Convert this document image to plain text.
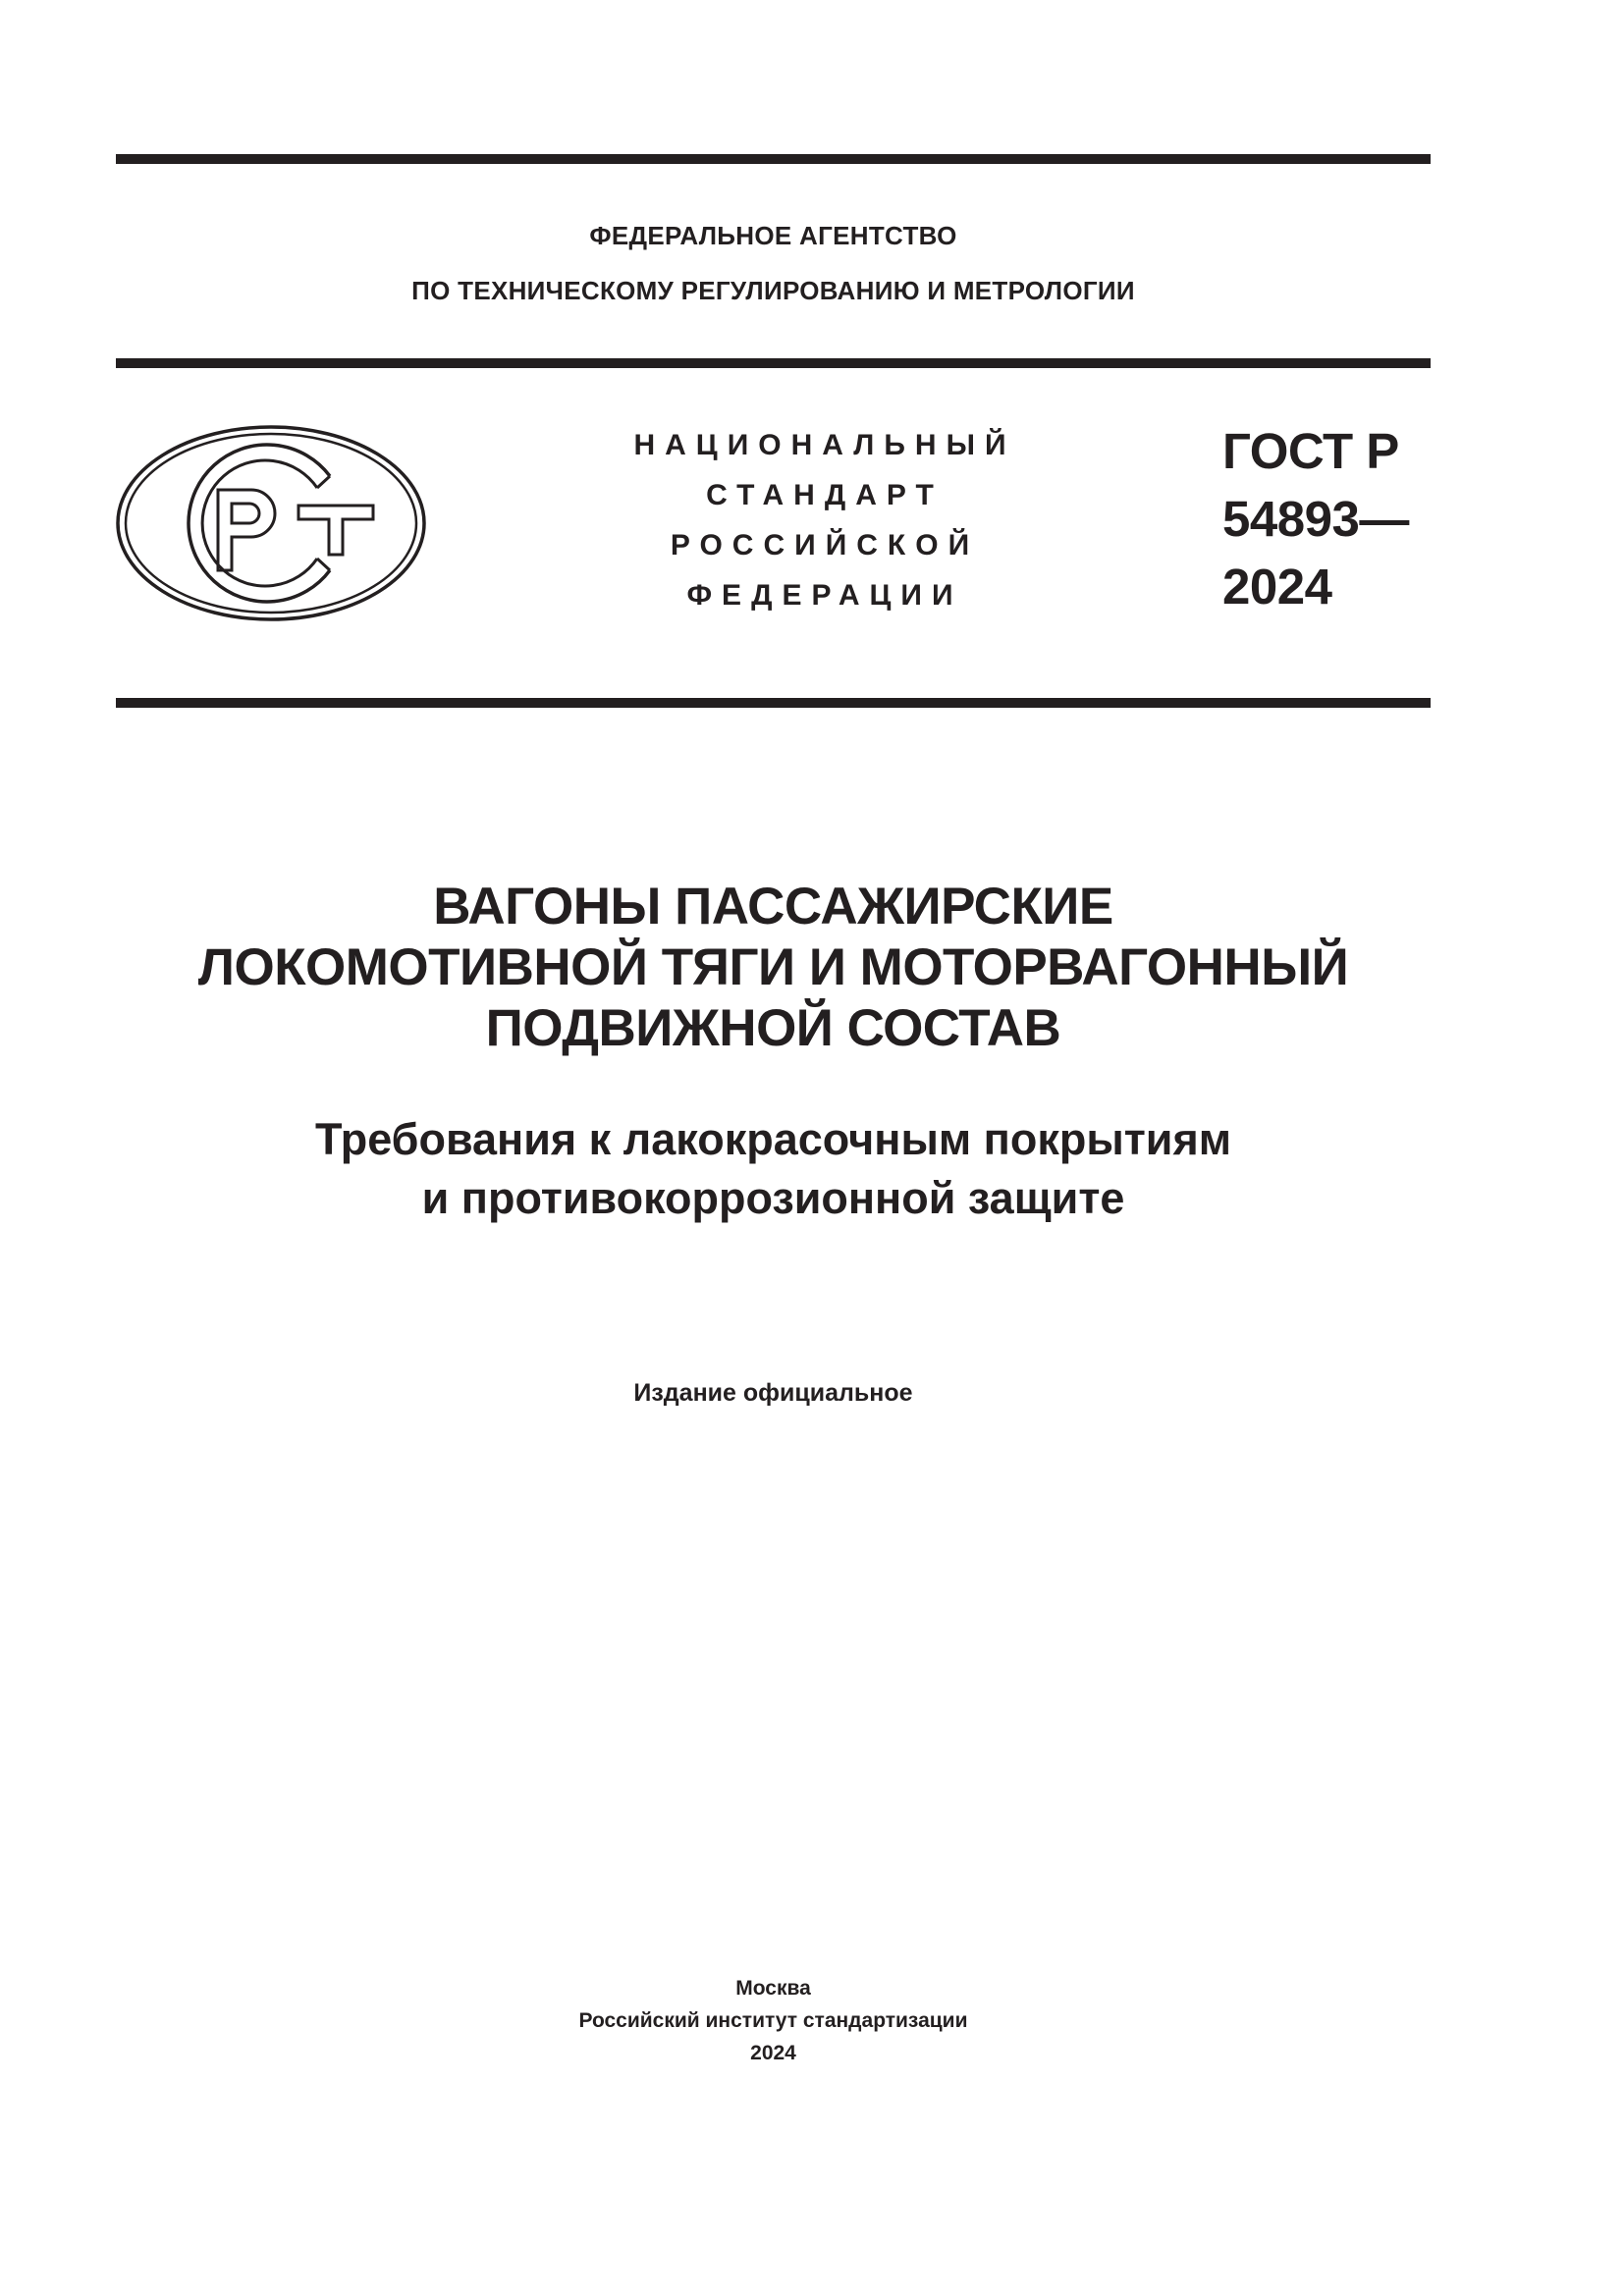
ФЕДЕРАЛЬНОЕ АГЕНТСТВО
ПО ТЕХНИЧЕСКОМУ РЕГУЛИРОВАНИЮ И МЕТРОЛОГИИ
НАЦИОНАЛЬНЫЙ
СТАНДАРТ
РОССИЙСКОЙ
ФЕДЕРАЦИИ
ГОСТ Р
54893—
2024
ВАГОНЫ ПАССАЖИРСКИЕ
ЛОКОМОТИВНОЙ ТЯГИ И МОТОРВАГОННЫЙ
ПОДВИЖНОЙ СОСТАВ
Требования к лакокрасочным покрытиям
и противокоррозионной защите
Издание официальное
Москва
Российский институт стандартизации
2024
